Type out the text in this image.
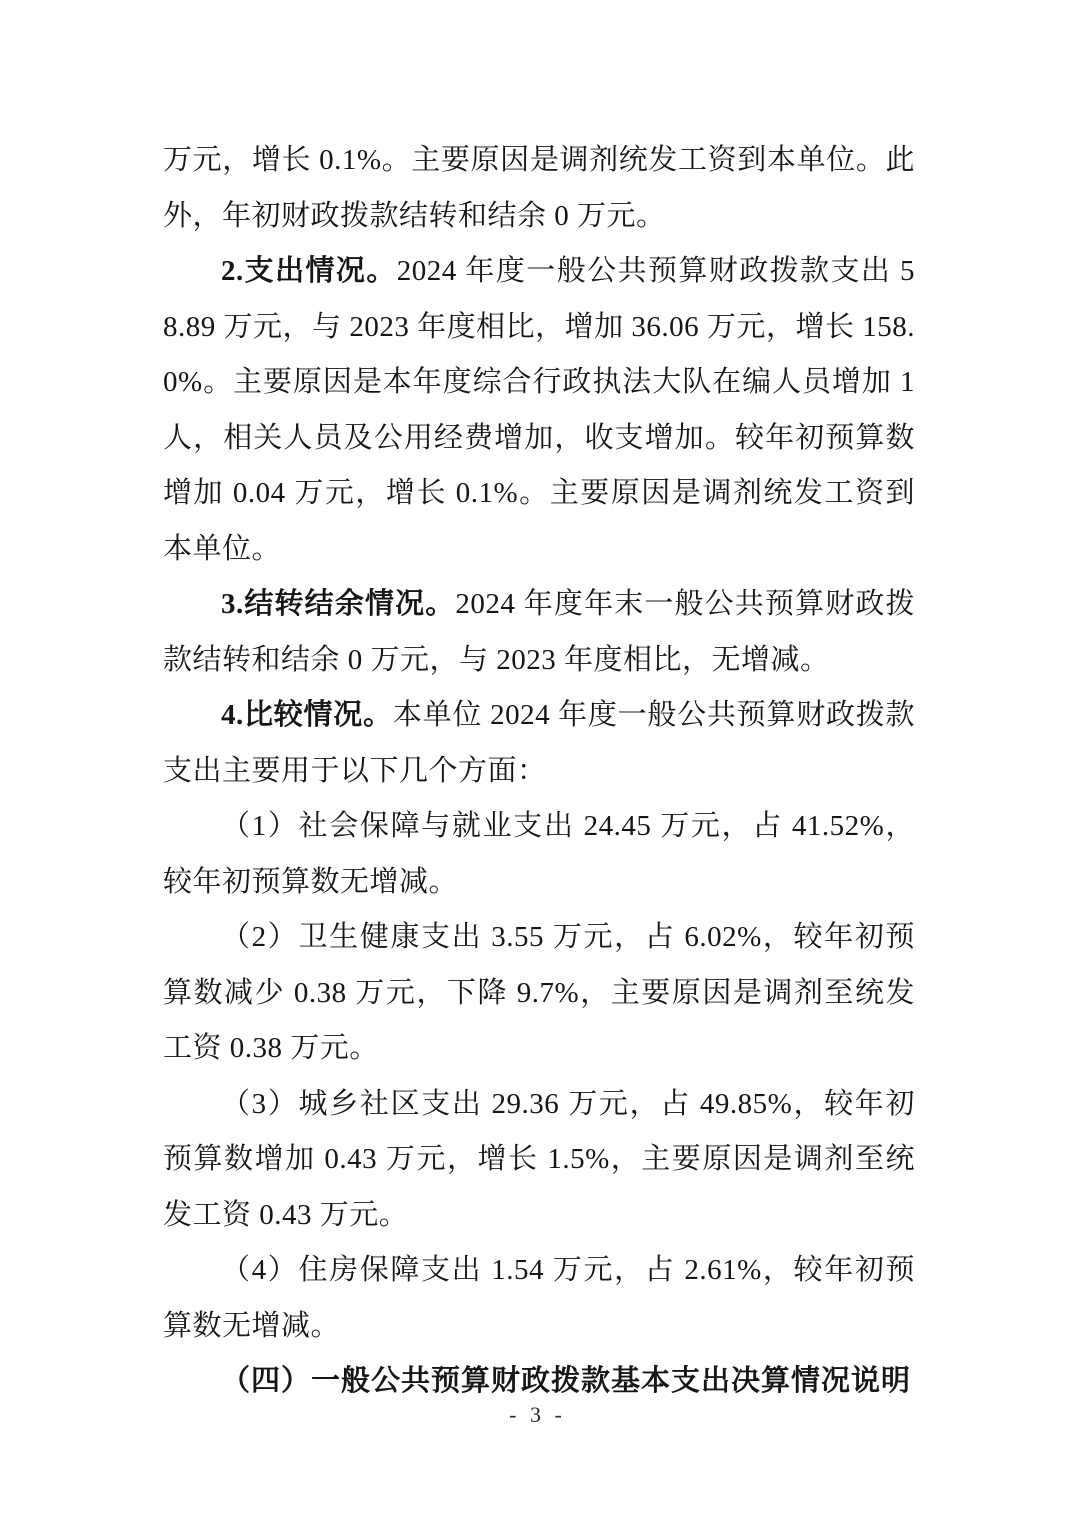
万元，增长 0.1%。主要原因是调剂统发工资到本单位。此外，年初财政拨款结转和结余 0 万元。

2.支出情况。2024 年度一般公共预算财政拨款支出 58.89 万元，与 2023 年度相比，增加 36.06 万元，增长 158.0%。主要原因是本年度综合行政执法大队在编人员增加 1 人，相关人员及公用经费增加，收支增加。较年初预算数增加 0.04 万元，增长 0.1%。主要原因是调剂统发工资到本单位。

3.结转结余情况。2024 年度年末一般公共预算财政拨款结转和结余 0 万元，与 2023 年度相比，无增减。

4.比较情况。本单位 2024 年度一般公共预算财政拨款支出主要用于以下几个方面：

（1）社会保障与就业支出 24.45 万元，占 41.52%，较年初预算数无增减。

（2）卫生健康支出 3.55 万元，占 6.02%，较年初预算数减少 0.38 万元，下降 9.7%，主要原因是调剂至统发工资 0.38 万元。

（3）城乡社区支出 29.36 万元，占 49.85%，较年初预算数增加 0.43 万元，增长 1.5%，主要原因是调剂至统发工资 0.43 万元。

（4）住房保障支出 1.54 万元，占 2.61%，较年初预算数无增减。

（四）一般公共预算财政拨款基本支出决算情况说明

- 3 -
